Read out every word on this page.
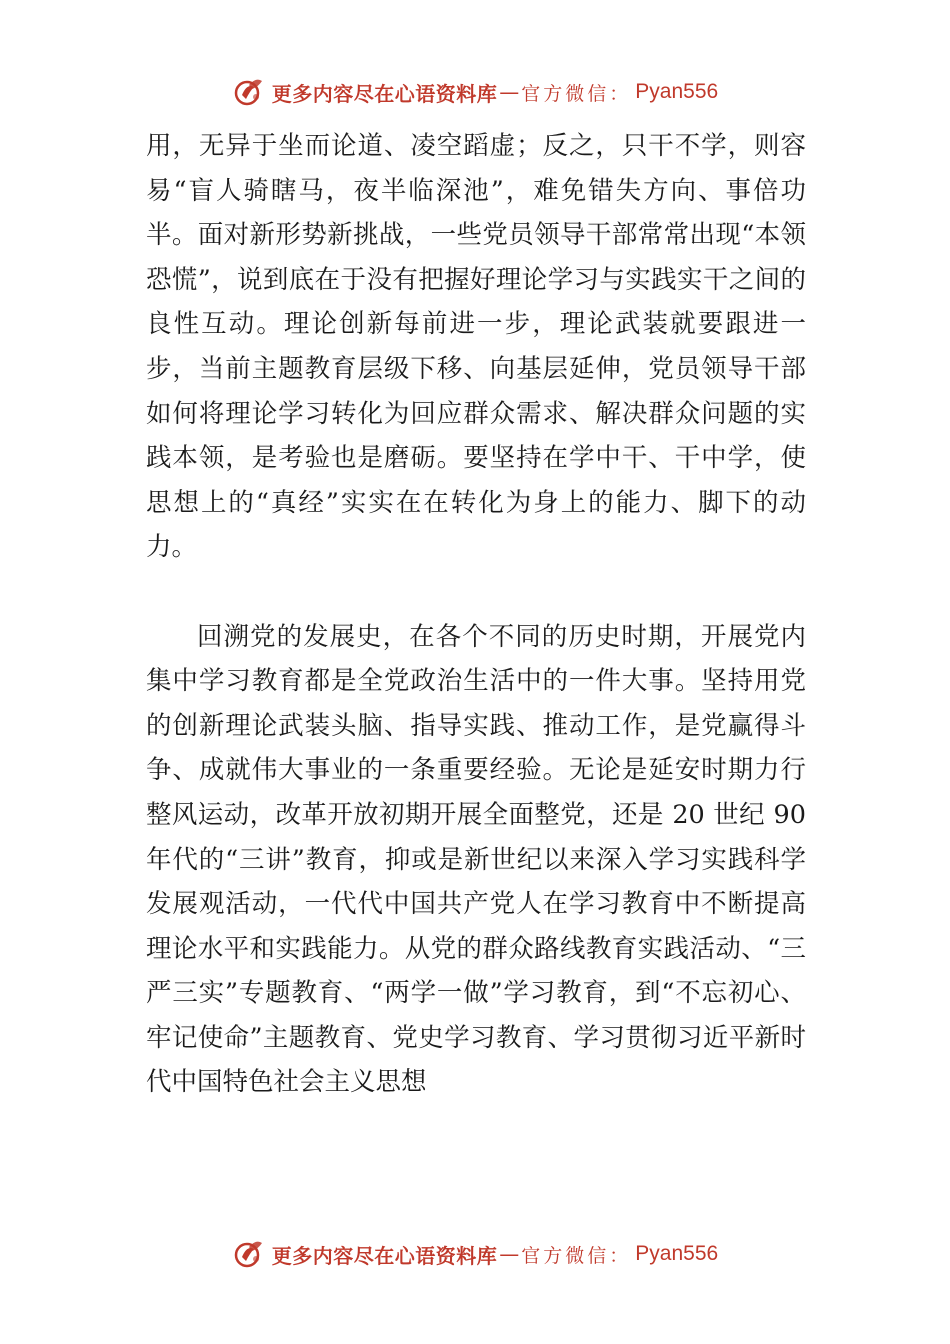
更多内容尽在心语资料库 — 官方微信： Pyan556

用，无异于坐而论道、凌空蹈虚；反之，只干不学，则容易“盲人骑瞎马，夜半临深池”，难免错失方向、事倍功半。面对新形势新挑战，一些党员领导干部常常出现“本领恐慌”，说到底在于没有把握好理论学习与实践实干之间的良性互动。理论创新每前进一步，理论武装就要跟进一步，当前主题教育层级下移、向基层延伸，党员领导干部如何将理论学习转化为回应群众需求、解决群众问题的实践本领，是考验也是磨砺。要坚持在学中干、干中学，使思想上的“真经”实实在在转化为身上的能力、脚下的动力。

回溯党的发展史，在各个不同的历史时期，开展党内集中学习教育都是全党政治生活中的一件大事。坚持用党的创新理论武装头脑、指导实践、推动工作，是党赢得斗争、成就伟大事业的一条重要经验。无论是延安时期力行整风运动，改革开放初期开展全面整党，还是 20 世纪 90 年代的“三讲”教育，抑或是新世纪以来深入学习实践科学发展观活动，一代代中国共产党人在学习教育中不断提高理论水平和实践能力。从党的群众路线教育实践活动、“三严三实”专题教育、“两学一做”学习教育，到“不忘初心、牢记使命”主题教育、党史学习教育、学习贯彻习近平新时代中国特色社会主义思想

更多内容尽在心语资料库 — 官方微信： Pyan556
